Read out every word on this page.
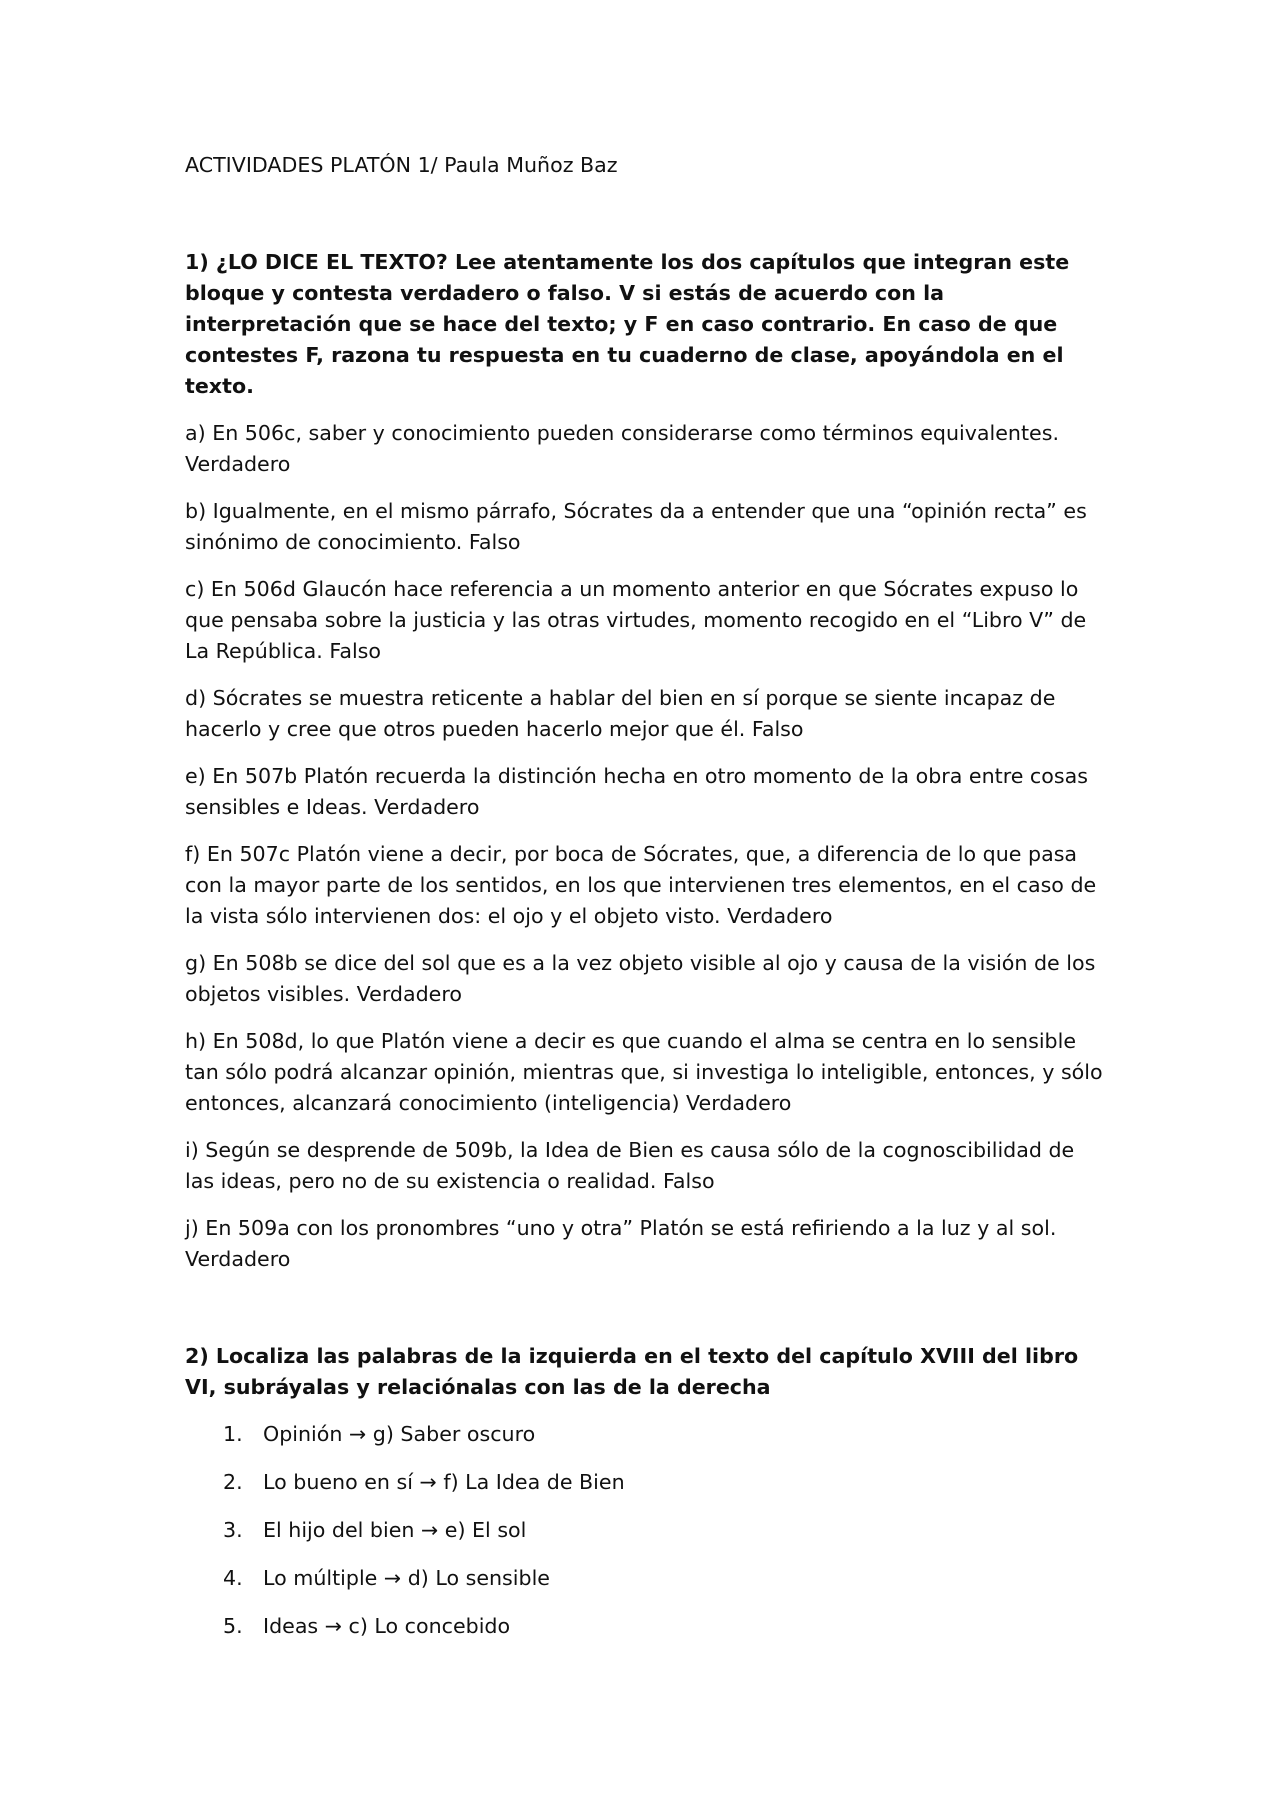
ACTIVIDADES PLATÓN 1/ Paula Muñoz Baz

1) ¿LO DICE EL TEXTO? Lee atentamente los dos capítulos que integran este bloque y contesta verdadero o falso. V si estás de acuerdo con la interpretación que se hace del texto; y F en caso contrario. En caso de que contestes F, razona tu respuesta en tu cuaderno de clase, apoyándola en el texto.

a) En 506c, saber y conocimiento pueden considerarse como términos equivalentes. Verdadero

b) Igualmente, en el mismo párrafo, Sócrates da a entender que una “opinión recta” es sinónimo de conocimiento. Falso

c) En 506d Glaucón hace referencia a un momento anterior en que Sócrates expuso lo que pensaba sobre la justicia y las otras virtudes, momento recogido en el “Libro V” de La República. Falso

d) Sócrates se muestra reticente a hablar del bien en sí porque se siente incapaz de hacerlo y cree que otros pueden hacerlo mejor que él. Falso

e) En 507b Platón recuerda la distinción hecha en otro momento de la obra entre cosas sensibles e Ideas. Verdadero

f) En 507c Platón viene a decir, por boca de Sócrates, que, a diferencia de lo que pasa con la mayor parte de los sentidos, en los que intervienen tres elementos, en el caso de la vista sólo intervienen dos: el ojo y el objeto visto. Verdadero

g) En 508b se dice del sol que es a la vez objeto visible al ojo y causa de la visión de los objetos visibles. Verdadero

h) En 508d, lo que Platón viene a decir es que cuando el alma se centra en lo sensible tan sólo podrá alcanzar opinión, mientras que, si investiga lo inteligible, entonces, y sólo entonces, alcanzará conocimiento (inteligencia) Verdadero

i) Según se desprende de 509b, la Idea de Bien es causa sólo de la cognoscibilidad de las ideas, pero no de su existencia o realidad. Falso

j) En 509a con los pronombres “uno y otra” Platón se está refiriendo a la luz y al sol. Verdadero

2) Localiza las palabras de la izquierda en el texto del capítulo XVIII del libro VI, subráyalas y relaciónalas con las de la derecha

1. Opinión → g) Saber oscuro
2. Lo bueno en sí → f) La Idea de Bien
3. El hijo del bien → e) El sol
4. Lo múltiple → d) Lo sensible
5. Ideas → c) Lo concebido
